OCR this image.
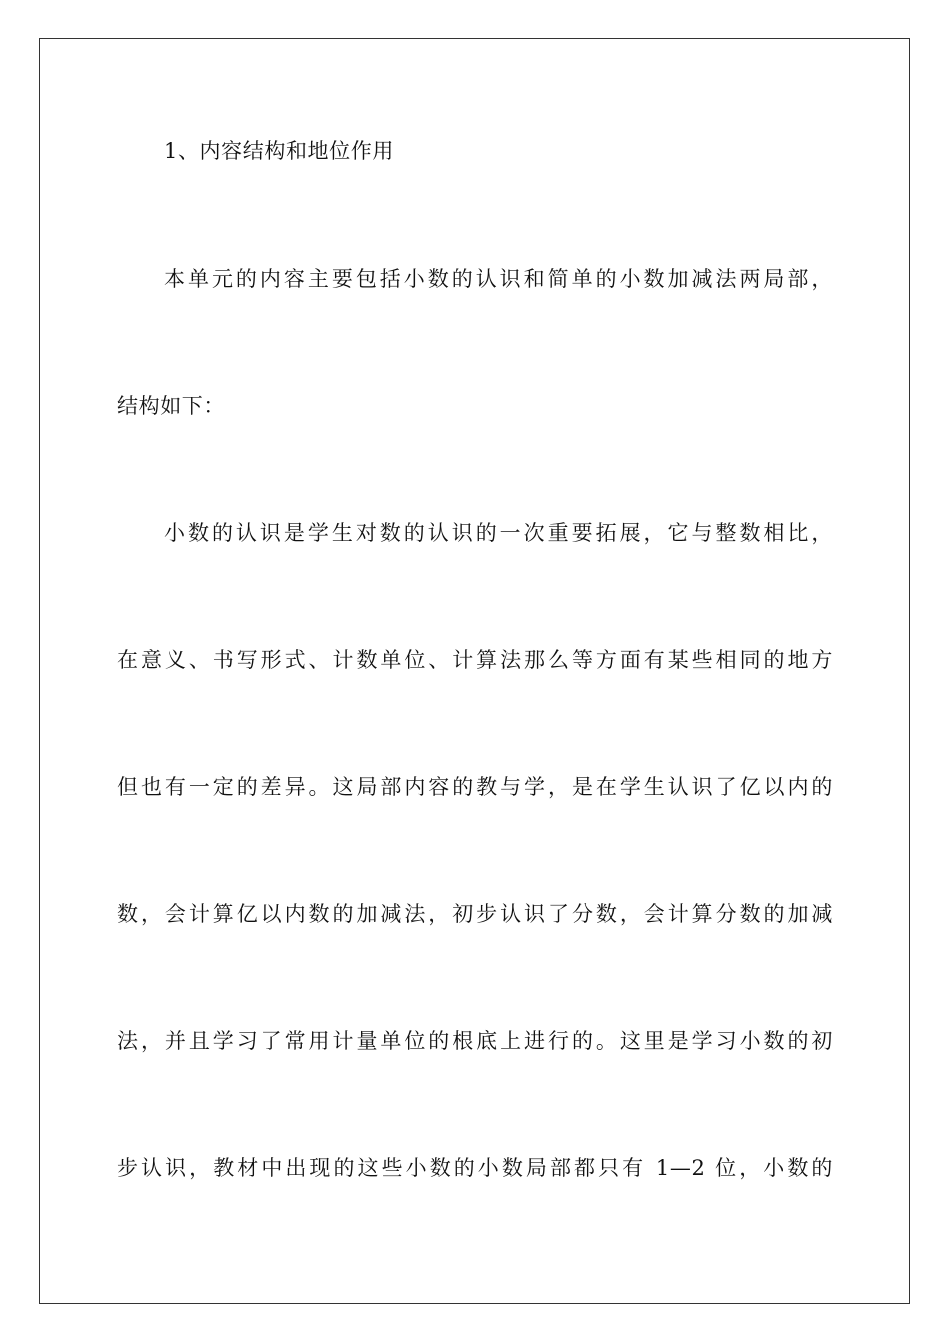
1、内容结构和地位作用
本单元的内容主要包括小数的认识和简单的小数加减法两局部，
结构如下：
小数的认识是学生对数的认识的一次重要拓展，它与整数相比，
在意义、书写形式、计数单位、计算法那么等方面有某些相同的地方
但也有一定的差异。这局部内容的教与学，是在学生认识了亿以内的
数，会计算亿以内数的加减法，初步认识了分数，会计算分数的加减
法，并且学习了常用计量单位的根底上进行的。这里是学习小数的初
步认识，教材中出现的这些小数的小数局部都只有 1—2 位，小数的
